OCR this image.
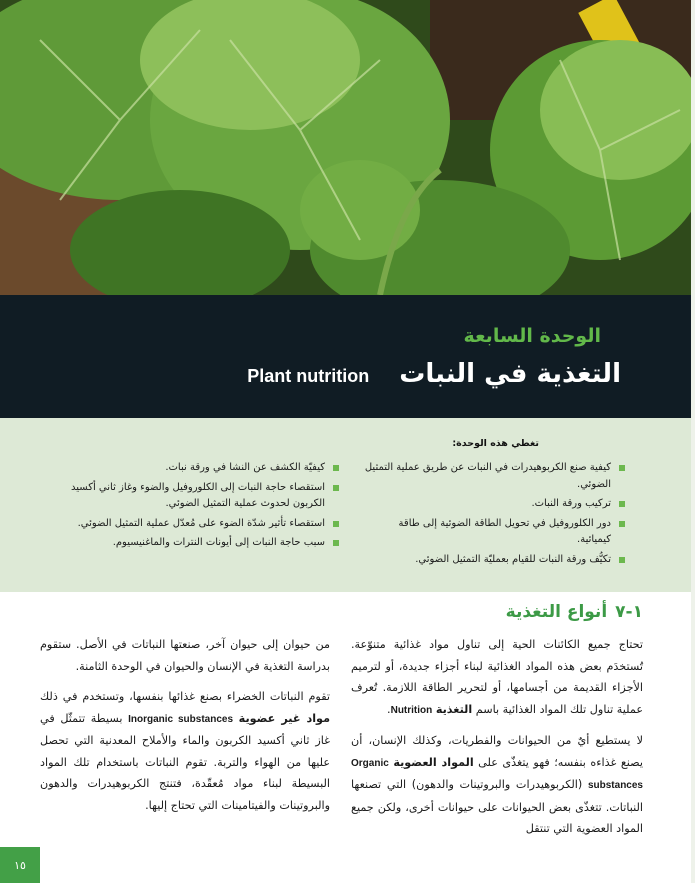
الوحدة السابعة
Plant nutrition التغذية في النبات
تغطي هذه الوحدة:
كيفية صنع الكربوهيدرات في النبات عن طريق عملية التمثيل الضوئي.
تركيب ورقة النبات.
دور الكلوروفيل في تحويل الطاقة الضوئية إلى طاقة كيميائية.
تكيُّف ورقة النبات للقيام بعمليّة التمثيل الضوئي.
كيفيّة الكشف عن النشا في ورقة نبات.
استقصاء حاجة النبات إلى الكلوروفيل والضوء وغاز ثاني أكسيد الكربون لحدوث عملية التمثيل الضوئي.
استقصاء تأثير شدّة الضوء على مُعدّل عملية التمثيل الضوئي.
سبب حاجة النبات إلى أيونات النترات والماغنيسيوم.
١-٧
أنواع التغذية

تحتاج جميع الكائنات الحية إلى تناول مواد غذائية متنوّعة. تُستخدَم بعض هذه المواد الغذائية لبناء أجزاء جديدة، أو لترميم الأجزاء القديمة من أجسامها، أو لتحرير الطاقة اللازمة. تُعرف عملية تناول تلك المواد الغذائية باسم التغذية Nutrition.

لا يستطيع أيٌ من الحيوانات والفطريات، وكذلك الإنسان، أن يصنع غذاءه بنفسه؛ فهو يتغذّى على المواد العضوية Organic substances (الكربوهيدرات والبروتينات والدهون) التي تصنعها النباتات. تتغذّى بعض الحيوانات على حيوانات أخرى، ولكن جميع المواد العضوية التي تنتقل

من حيوان إلى حيوان آخر، صنعتها النباتات في الأصل. ستقوم بدراسة التغذية في الإنسان والحيوان في الوحدة الثامنة.

تقوم النباتات الخضراء بصنع غذائها بنفسها، وتستخدم في ذلك مواد غير عضوية Inorganic substances بسيطة تتمثّل في غاز ثاني أكسيد الكربون والماء والأملاح المعدنية التي تحصل عليها من الهواء والتربة. تقوم النباتات باستخدام تلك المواد البسيطة لبناء مواد مُعقّدة، فتنتج الكربوهيدرات والدهون والبروتينات والفيتامينات التي تحتاج إليها.

١٥
